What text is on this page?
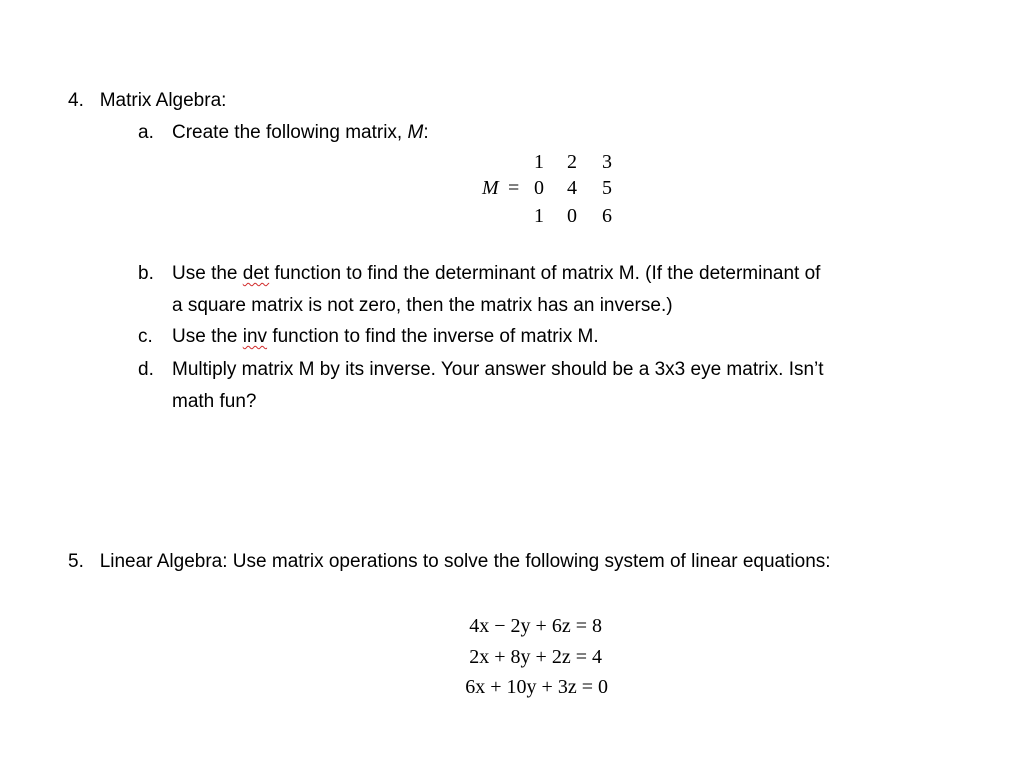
4. Matrix Algebra:
a. Create the following matrix, M:
M =
1 2 3
0 4 5
1 0 6
b. Use the det function to find the determinant of matrix M. (If the determinant of
a square matrix is not zero, then the matrix has an inverse.)
c. Use the inv function to find the inverse of matrix M.
d. Multiply matrix M by its inverse. Your answer should be a 3x3 eye matrix. Isn’t
math fun?
5. Linear Algebra: Use matrix operations to solve the following system of linear equations:
4x − 2y + 6z = 8
2x + 8y + 2z = 4
6x + 10y + 3z = 0
